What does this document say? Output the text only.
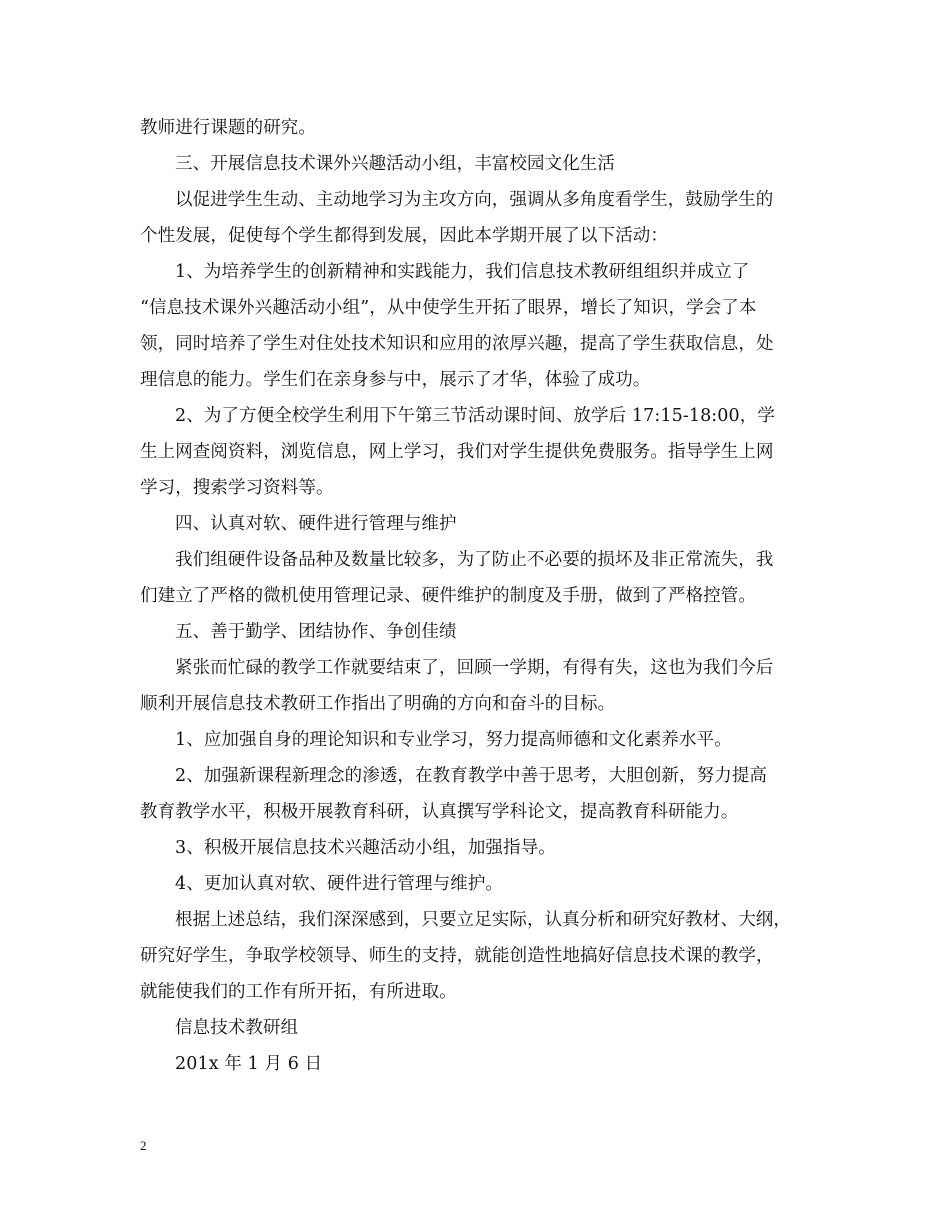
教师进行课题的研究。
三、开展信息技术课外兴趣活动小组，丰富校园文化生活
以促进学生生动、主动地学习为主攻方向，强调从多角度看学生，鼓励学生的
个性发展，促使每个学生都得到发展，因此本学期开展了以下活动：
1、为培养学生的创新精神和实践能力，我们信息技术教研组组织并成立了
“信息技术课外兴趣活动小组”，从中使学生开拓了眼界，增长了知识，学会了本
领，同时培养了学生对住处技术知识和应用的浓厚兴趣，提高了学生获取信息，处
理信息的能力。学生们在亲身参与中，展示了才华，体验了成功。
2、为了方便全校学生利用下午第三节活动课时间、放学后 17:15-18:00，学
生上网查阅资料，浏览信息，网上学习，我们对学生提供免费服务。指导学生上网
学习，搜索学习资料等。
四、认真对软、硬件进行管理与维护
我们组硬件设备品种及数量比较多，为了防止不必要的损坏及非正常流失，我
们建立了严格的微机使用管理记录、硬件维护的制度及手册，做到了严格控管。
五、善于勤学、团结协作、争创佳绩
紧张而忙碌的教学工作就要结束了，回顾一学期，有得有失，这也为我们今后
顺利开展信息技术教研工作指出了明确的方向和奋斗的目标。
1、应加强自身的理论知识和专业学习，努力提高师德和文化素养水平。
2、加强新课程新理念的渗透，在教育教学中善于思考，大胆创新，努力提高
教育教学水平，积极开展教育科研，认真撰写学科论文，提高教育科研能力。
3、积极开展信息技术兴趣活动小组，加强指导。
4、更加认真对软、硬件进行管理与维护。
根据上述总结，我们深深感到，只要立足实际，认真分析和研究好教材、大纲，
研究好学生，争取学校领导、师生的支持，就能创造性地搞好信息技术课的教学，
就能使我们的工作有所开拓，有所进取。
信息技术教研组
201x 年 1 月 6 日
2
